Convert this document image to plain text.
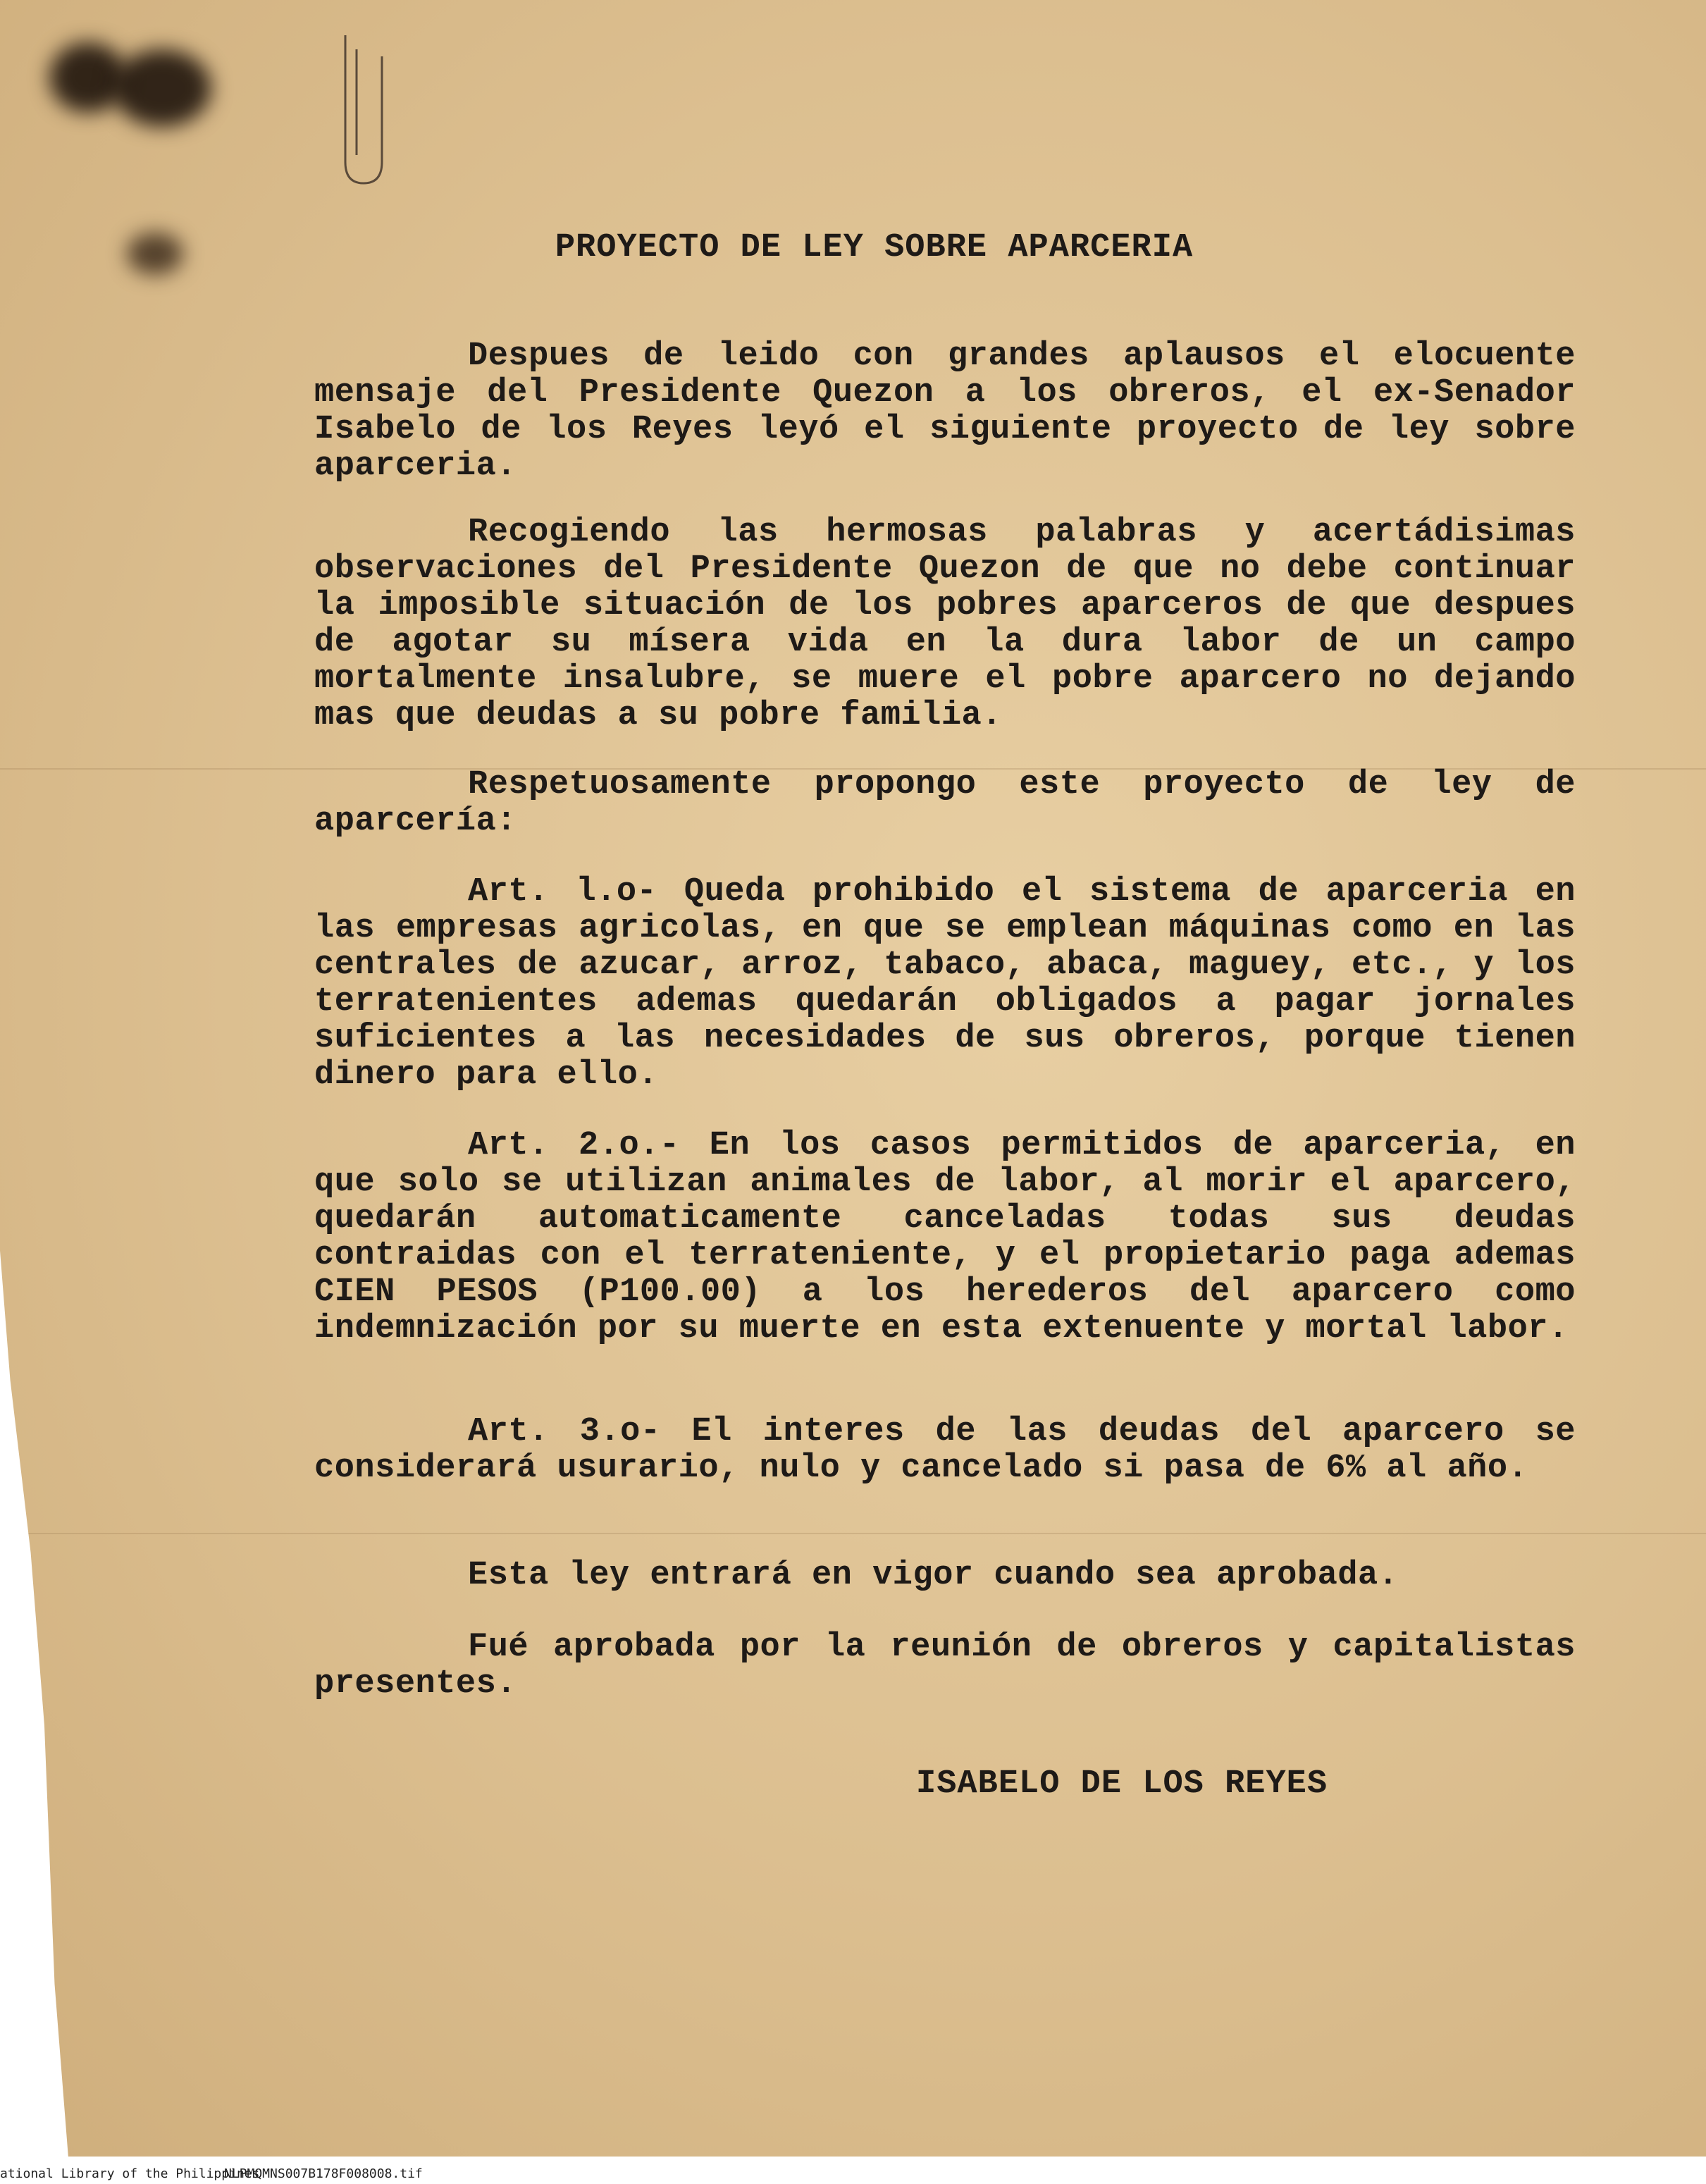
PROYECTO DE LEY SOBRE APARCERIA
Despues de leido con grandes aplausos el elocuente mensaje del Presidente Quezon a los obreros, el ex-Senador Isabelo de los Reyes leyó el siguiente proyecto de ley sobre aparceria.
Recogiendo las hermosas palabras y acertádisimas observaciones del Presidente Quezon de que no debe continuar la imposible situación de los pobres aparceros de que despues de agotar su mísera vida en la dura labor de un campo mortalmente insalubre, se muere el pobre aparcero no dejando mas que deudas a su pobre familia.
Respetuosamente propongo este proyecto de ley de aparcería:
Art. l.o- Queda prohibido el sistema de aparceria en las empresas agricolas, en que se emplean máquinas como en las centrales de azucar, arroz, tabaco, abaca, maguey, etc., y los terratenientes ademas quedarán obligados a pagar jornales suficientes a las necesidades de sus obreros, porque tienen dinero para ello.
Art. 2.o.- En los casos permitidos de aparceria, en que solo se utilizan animales de labor, al morir el aparcero, quedarán automaticamente canceladas todas sus deudas contraidas con el terrateniente, y el propietario paga ademas CIEN PESOS (P100.00) a los herederos del aparcero como indemnización por su muerte en esta extenuente y mortal labor.
Art. 3.o- El interes de las deudas del aparcero se considerará usurario, nulo y cancelado si pasa de 6% al año.
Esta ley entrará en vigor cuando sea aprobada.
Fué aprobada por la reunión de obreros y capitalistas presentes.
ISABELO DE LOS REYES
ational Library of the Philippines
NLPMQMNS007B178F008008.tif
